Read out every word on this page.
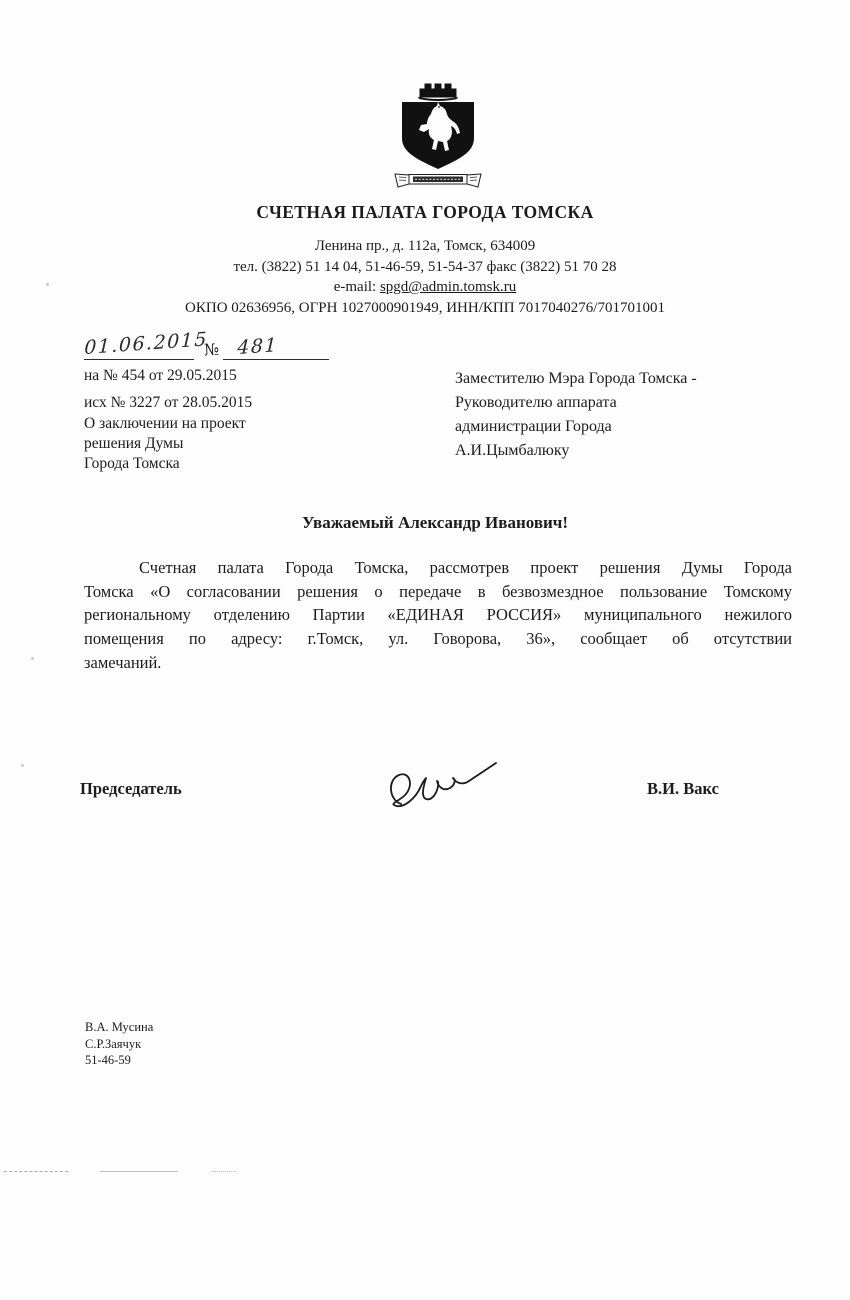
СЧЕТНАЯ ПАЛАТА ГОРОДА ТОМСКА
Ленина пр., д. 112а, Томск, 634009
тел. (3822) 51 14 04, 51-46-59, 51-54-37 факс (3822) 51 70 28
e-mail: spgd@admin.tomsk.ru
ОКПО 02636956, ОГРН 1027000901949, ИНН/КПП 7017040276/701701001
01.06.2015
№ 481
на № 454 от 29.05.2015
исх № 3227 от 28.05.2015
Заместителю Мэра Города Томска -
Руководителю аппарата
администрации Города
А.И.Цымбалюку
О заключении на проект
решения Думы
Города Томска
Уважаемый Александр Иванович!
Счетная палата Города Томска, рассмотрев проект решения Думы Города
Томска «О согласовании решения о передаче в безвозмездное пользование Томскому
региональному отделению Партии «ЕДИНАЯ РОССИЯ» муниципального нежилого
помещения по адресу: г.Томск, ул. Говорова, 36», сообщает об отсутствии
замечаний.
Председатель	В.И. Вакс
В.А. Мусина
С.Р.Заячук
51-46-59
